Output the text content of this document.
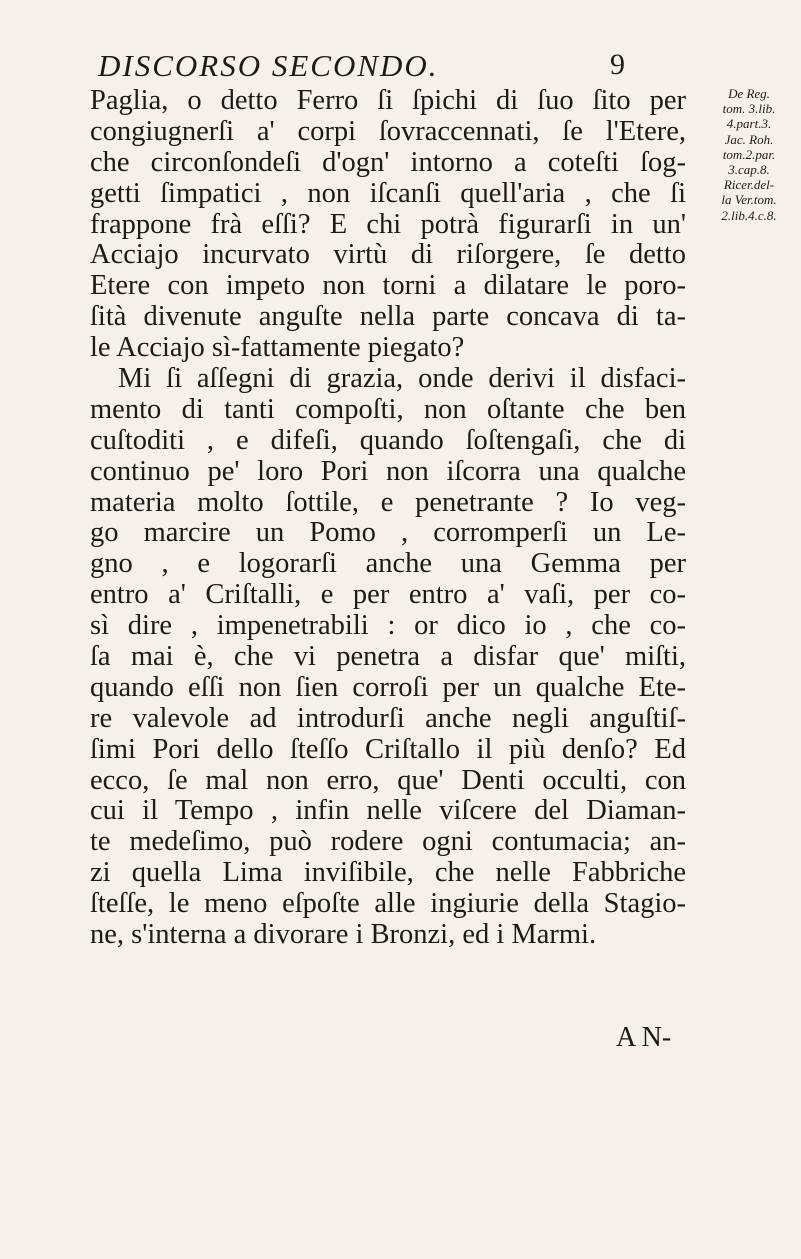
DISCORSO SECONDO.	9
Paglia, o detto Ferro ſi ſpichi di ſuo ſito per
congiugnerſi a' corpi ſovraccennati, ſe l'Etere,
che circonſondeſi d'ogn' intorno a coteſti ſog-
getti ſimpatici , non iſcanſi quell'aria , che ſi
frappone frà eſſi? E chi potrà figurarſi in un'
Acciajo incurvato virtù di riſorgere, ſe detto
Etere con impeto non torni a dilatare le poro-
ſità divenute anguſte nella parte concava di ta-
le Acciajo sì-fattamente piegato?
Mi ſi aſſegni di grazia, onde derivi il disfaci-
mento di tanti compoſti, non oſtante che ben
cuſtoditi , e difeſi, quando ſoſtengaſi, che di
continuo pe' loro Pori non iſcorra una qualche
materia molto ſottile, e penetrante ? Io veg-
go marcire un Pomo , corromperſi un Le-
gno , e logorarſi anche una Gemma per
entro a' Criſtalli, e per entro a' vaſi, per co-
sì dire , impenetrabili : or dico io , che co-
ſa mai è, che vi penetra a disfar que' miſti,
quando eſſi non ſien corroſi per un qualche Ete-
re valevole ad introdurſi anche negli anguſtiſ-
ſimi Pori dello ſteſſo Criſtallo il più denſo? Ed
ecco, ſe mal non erro, que' Denti occulti, con
cui il Tempo , infin nelle viſcere del Diaman-
te medeſimo, può rodere ogni contumacia; an-
zi quella Lima inviſibile, che nelle Fabbriche
ſteſſe, le meno eſpoſte alle ingiurie della Stagio-
ne, s'interna a divorare i Bronzi, ed i Marmi.
De Reg.
tom. 3.lib.
4.part.3.
Jac. Roh.
tom.2.par.
3.cap.8.
Ricer.del-
la Ver.tom.
2.lib.4.c.8.
A N-
